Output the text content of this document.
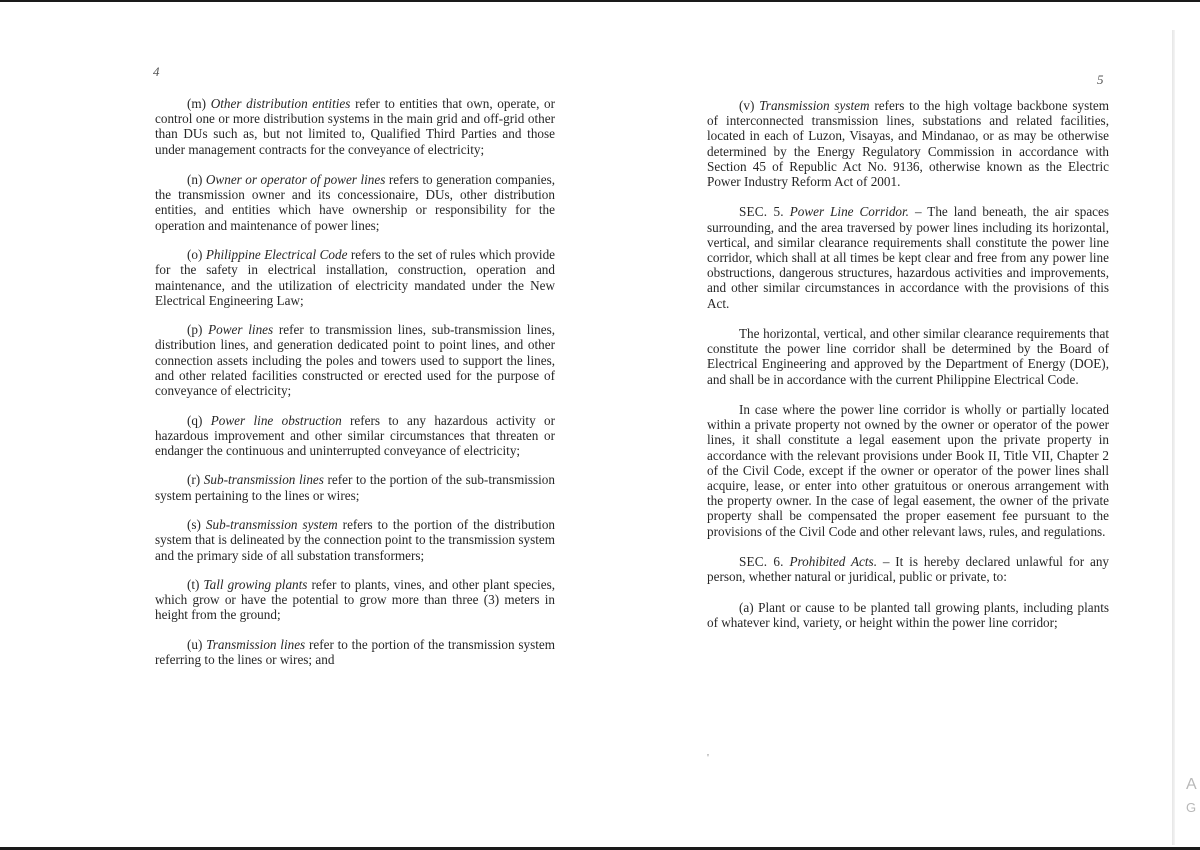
4

(m) Other distribution entities refer to entities that own, operate, or control one or more distribution systems in the main grid and off-grid other than DUs such as, but not limited to, Qualified Third Parties and those under management contracts for the conveyance of electricity;

(n) Owner or operator of power lines refers to generation companies, the transmission owner and its concessionaire, DUs, other distribution entities, and entities which have ownership or responsibility for the operation and maintenance of power lines;

(o) Philippine Electrical Code refers to the set of rules which provide for the safety in electrical installation, construction, operation and maintenance, and the utilization of electricity mandated under the New Electrical Engineering Law;

(p) Power lines refer to transmission lines, sub-transmission lines, distribution lines, and generation dedicated point to point lines, and other connection assets including the poles and towers used to support the lines, and other related facilities constructed or erected used for the purpose of conveyance of electricity;

(q) Power line obstruction refers to any hazardous activity or hazardous improvement and other similar circumstances that threaten or endanger the continuous and uninterrupted conveyance of electricity;

(r) Sub-transmission lines refer to the portion of the sub-transmission system pertaining to the lines or wires;

(s) Sub-transmission system refers to the portion of the distribution system that is delineated by the connection point to the transmission system and the primary side of all substation transformers;

(t) Tall growing plants refer to plants, vines, and other plant species, which grow or have the potential to grow more than three (3) meters in height from the ground;

(u) Transmission lines refer to the portion of the transmission system referring to the lines or wires; and

5

(v) Transmission system refers to the high voltage backbone system of interconnected transmission lines, substations and related facilities, located in each of Luzon, Visayas, and Mindanao, or as may be otherwise determined by the Energy Regulatory Commission in accordance with Section 45 of Republic Act No. 9136, otherwise known as the Electric Power Industry Reform Act of 2001.

SEC. 5. Power Line Corridor. – The land beneath, the air spaces surrounding, and the area traversed by power lines including its horizontal, vertical, and similar clearance requirements shall constitute the power line corridor, which shall at all times be kept clear and free from any power line obstructions, dangerous structures, hazardous activities and improvements, and other similar circumstances in accordance with the provisions of this Act.

The horizontal, vertical, and other similar clearance requirements that constitute the power line corridor shall be determined by the Board of Electrical Engineering and approved by the Department of Energy (DOE), and shall be in accordance with the current Philippine Electrical Code.

In case where the power line corridor is wholly or partially located within a private property not owned by the owner or operator of the power lines, it shall constitute a legal easement upon the private property in accordance with the relevant provisions under Book II, Title VII, Chapter 2 of the Civil Code, except if the owner or operator of the power lines shall acquire, lease, or enter into other gratuitous or onerous arrangement with the property owner. In the case of legal easement, the owner of the private property shall be compensated the proper easement fee pursuant to the provisions of the Civil Code and other relevant laws, rules, and regulations.

SEC. 6. Prohibited Acts. – It is hereby declared unlawful for any person, whether natural or juridical, public or private, to:

(a) Plant or cause to be planted tall growing plants, including plants of whatever kind, variety, or height within the power line corridor;

'
A
G
